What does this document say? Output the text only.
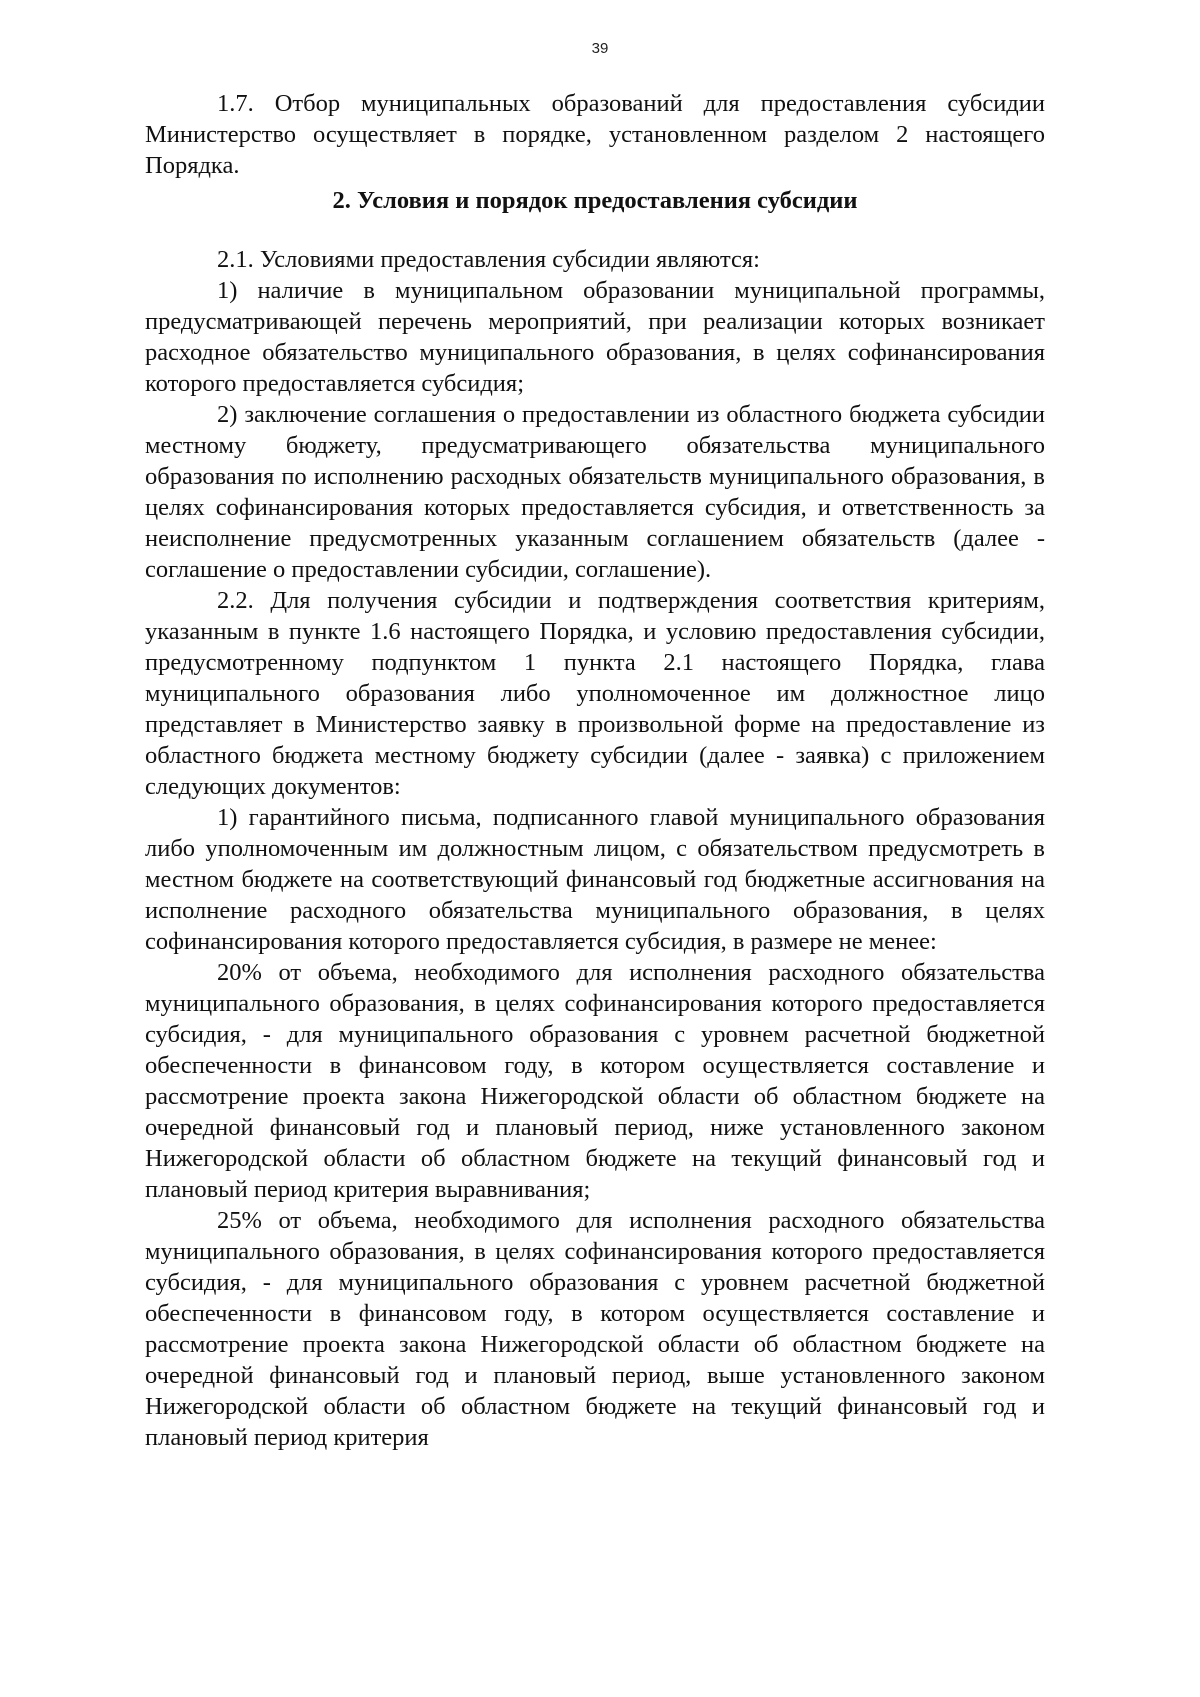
39

1.7. Отбор муниципальных образований для предоставления субсидии Министерство осуществляет в порядке, установленном разделом 2 настоящего Порядка.

2. Условия и порядок предоставления субсидии

2.1. Условиями предоставления субсидии являются:

1) наличие в муниципальном образовании муниципальной программы, предусматривающей перечень мероприятий, при реализации которых возникает расходное обязательство муниципального образования, в целях софинансирования которого предоставляется субсидия;

2) заключение соглашения о предоставлении из областного бюджета субсидии местному бюджету, предусматривающего обязательства муниципального образования по исполнению расходных обязательств муниципального образования, в целях софинансирования которых предоставляется субсидия, и ответственность за неисполнение предусмотренных указанным соглашением обязательств (далее - соглашение о предоставлении субсидии, соглашение).

2.2. Для получения субсидии и подтверждения соответствия критериям, указанным в пункте 1.6 настоящего Порядка, и условию предоставления субсидии, предусмотренному подпунктом 1 пункта 2.1 настоящего Порядка, глава муниципального образования либо уполномоченное им должностное лицо представляет в Министерство заявку в произвольной форме на предоставление из областного бюджета местному бюджету субсидии (далее - заявка) с приложением следующих документов:

1) гарантийного письма, подписанного главой муниципального образования либо уполномоченным им должностным лицом, с обязательством предусмотреть в местном бюджете на соответствующий финансовый год бюджетные ассигнования на исполнение расходного обязательства муниципального образования, в целях софинансирования которого предоставляется субсидия, в размере не менее:

20% от объема, необходимого для исполнения расходного обязательства муниципального образования, в целях софинансирования которого предоставляется субсидия, - для муниципального образования с уровнем расчетной бюджетной обеспеченности в финансовом году, в котором осуществляется составление и рассмотрение проекта закона Нижегородской области об областном бюджете на очередной финансовый год и плановый период, ниже установленного законом Нижегородской области об областном бюджете на текущий финансовый год и плановый период критерия выравнивания;

25% от объема, необходимого для исполнения расходного обязательства муниципального образования, в целях софинансирования которого предоставляется субсидия, - для муниципального образования с уровнем расчетной бюджетной обеспеченности в финансовом году, в котором осуществляется составление и рассмотрение проекта закона Нижегородской области об областном бюджете на очередной финансовый год и плановый период, выше установленного законом Нижегородской области об областном бюджете на текущий финансовый год и плановый период критерия
